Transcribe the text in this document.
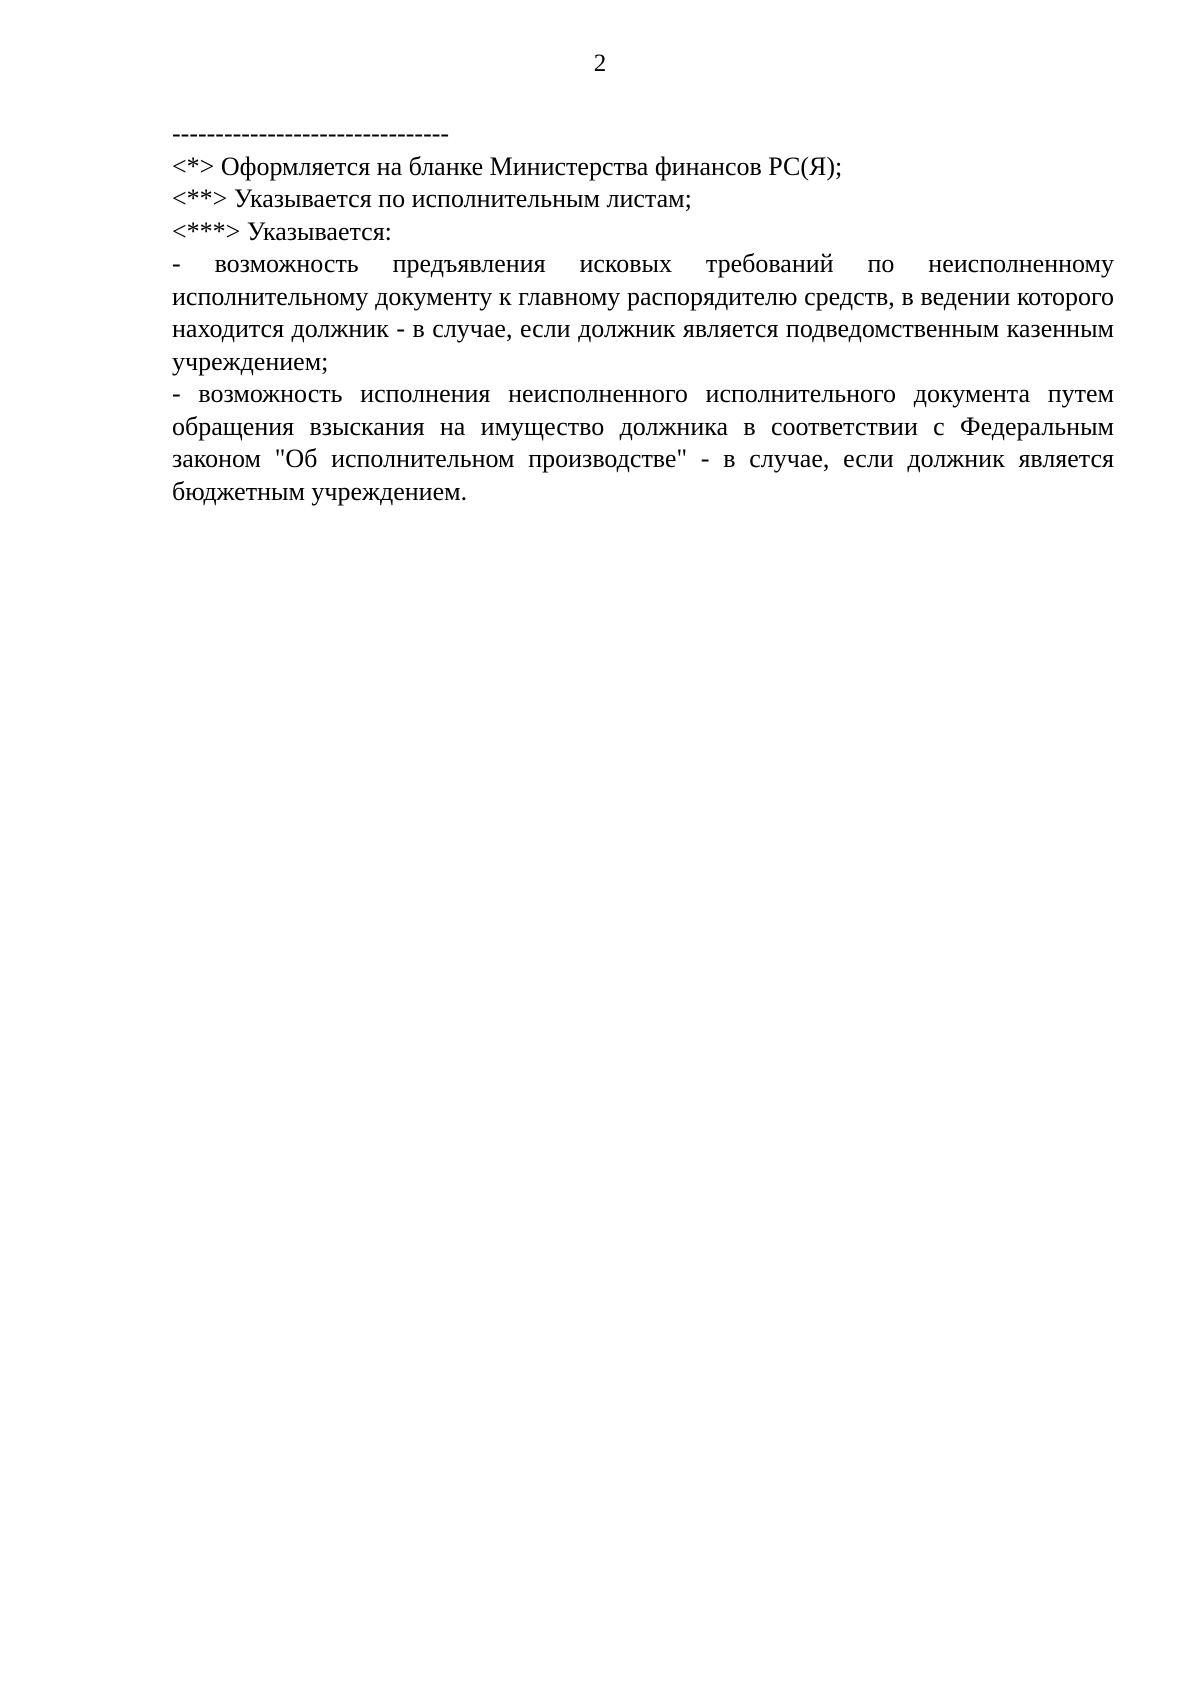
2

--------------------------------

<*> Оформляется на бланке Министерства финансов РС(Я);

<**> Указывается по исполнительным листам;

<***> Указывается:

- возможность предъявления исковых требований по неисполненному исполнительному документу к главному распорядителю средств, в ведении которого находится должник - в случае, если должник является подведомственным казенным учреждением;

- возможность исполнения неисполненного исполнительного документа путем обращения взыскания на имущество должника в соответствии с Федеральным законом "Об исполнительном производстве" - в случае, если должник является бюджетным учреждением.
